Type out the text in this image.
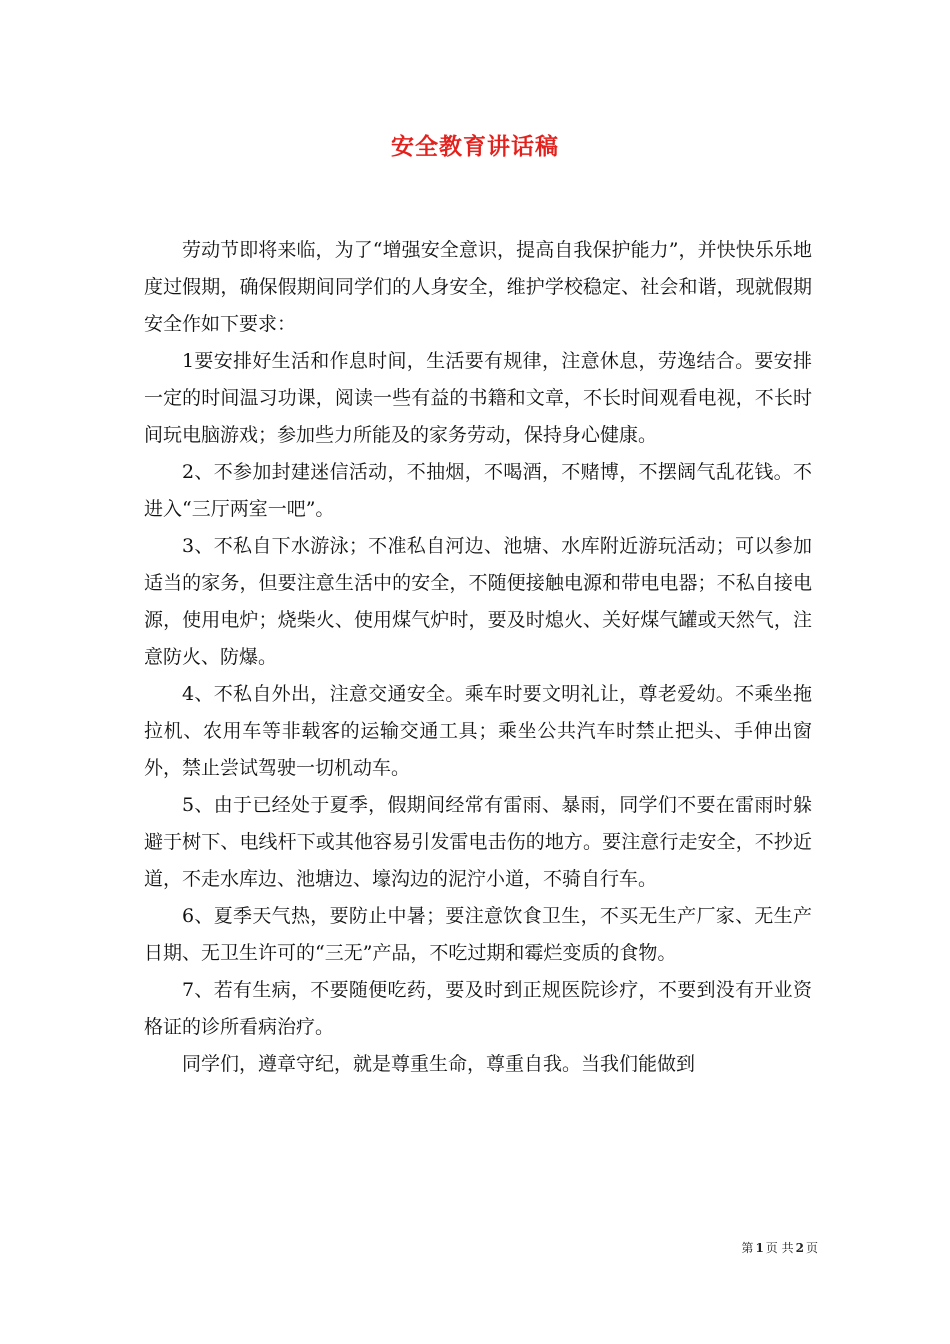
安全教育讲话稿

劳动节即将来临，为了“增强安全意识，提高自我保护能力”，并快快乐乐地度过假期，确保假期间同学们的人身安全，维护学校稳定、社会和谐，现就假期安全作如下要求：

1要安排好生活和作息时间，生活要有规律，注意休息，劳逸结合。要安排一定的时间温习功课，阅读一些有益的书籍和文章，不长时间观看电视，不长时间玩电脑游戏；参加些力所能及的家务劳动，保持身心健康。

2、不参加封建迷信活动，不抽烟，不喝酒，不赌博，不摆阔气乱花钱。不进入“三厅两室一吧”。

3、不私自下水游泳；不准私自河边、池塘、水库附近游玩活动；可以参加适当的家务，但要注意生活中的安全，不随便接触电源和带电电器；不私自接电源，使用电炉；烧柴火、使用煤气炉时，要及时熄火、关好煤气罐或天然气，注意防火、防爆。

4、不私自外出，注意交通安全。乘车时要文明礼让，尊老爱幼。不乘坐拖拉机、农用车等非载客的运输交通工具；乘坐公共汽车时禁止把头、手伸出窗外，禁止尝试驾驶一切机动车。

5、由于已经处于夏季，假期间经常有雷雨、暴雨，同学们不要在雷雨时躲避于树下、电线杆下或其他容易引发雷电击伤的地方。要注意行走安全，不抄近道，不走水库边、池塘边、壕沟边的泥泞小道，不骑自行车。

6、夏季天气热，要防止中暑；要注意饮食卫生，不买无生产厂家、无生产日期、无卫生许可的“三无”产品，不吃过期和霉烂变质的食物。

7、若有生病，不要随便吃药，要及时到正规医院诊疗，不要到没有开业资格证的诊所看病治疗。

同学们，遵章守纪，就是尊重生命，尊重自我。当我们能做到

第 1 页 共 2 页
